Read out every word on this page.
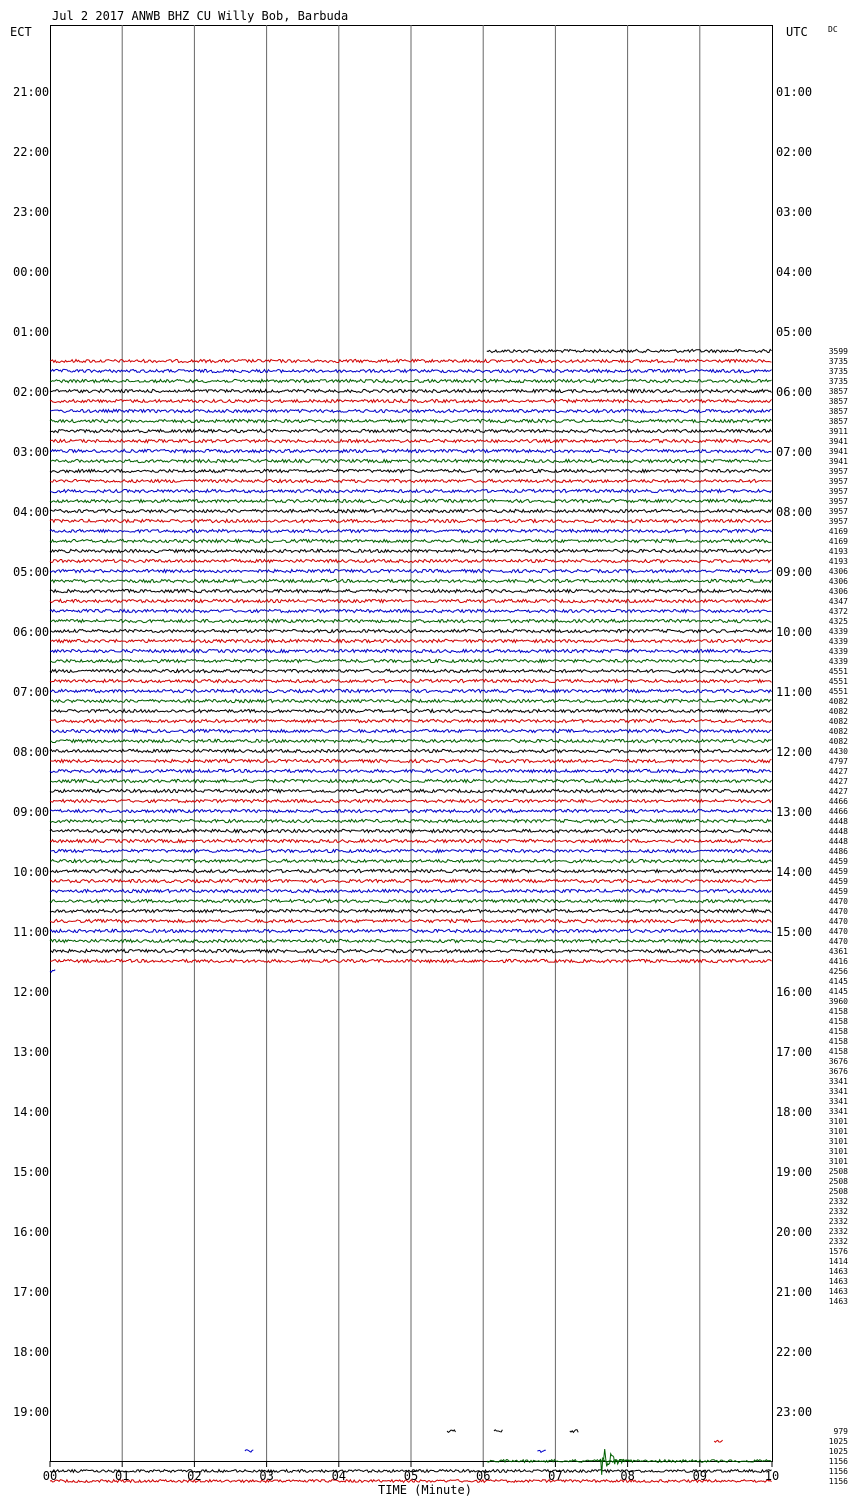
Jul 2 2017 ANWB BHZ CU Willy Bob, Barbuda
ECT	UTC	DC
21:00
22:00
23:00
00:00
01:00
02:00
03:00
04:00
05:00
06:00
07:00
08:00
09:00
10:00
11:00
12:00
13:00
14:00
15:00
16:00
17:00
18:00
19:00
01:00
02:00
03:00
04:00
05:00
06:00
07:00
08:00
09:00
10:00
11:00
12:00
13:00
14:00
15:00
16:00
17:00
18:00
19:00
20:00
21:00
22:00
23:00
3599
3735
3735
3735
3857
3857
3857
3857
3911
3941
3941
3941
3957
3957
3957
3957
3957
3957
4169
4169
4193
4193
4306
4306
4306
4347
4372
4325
4339
4339
4339
4339
4551
4551
4551
4082
4082
4082
4082
4082
4430
4797
4427
4427
4427
4466
4466
4448
4448
4448
4486
4459
4459
4459
4459
4470
4470
4470
4470
4470
4361
4416
4256
4145
4145
3960
4158
4158
4158
4158
4158
3676
3676
3341
3341
3341
3341
3101
3101
3101
3101
3101
2508
2508
2508
2332
2332
2332
2332
2332
1576
1414
1463
1463
1463
1463
979
1025
1025
1156
1156
1156
00	01	02	03	04	05	06	07	08	09	10
TIME (Minute)
